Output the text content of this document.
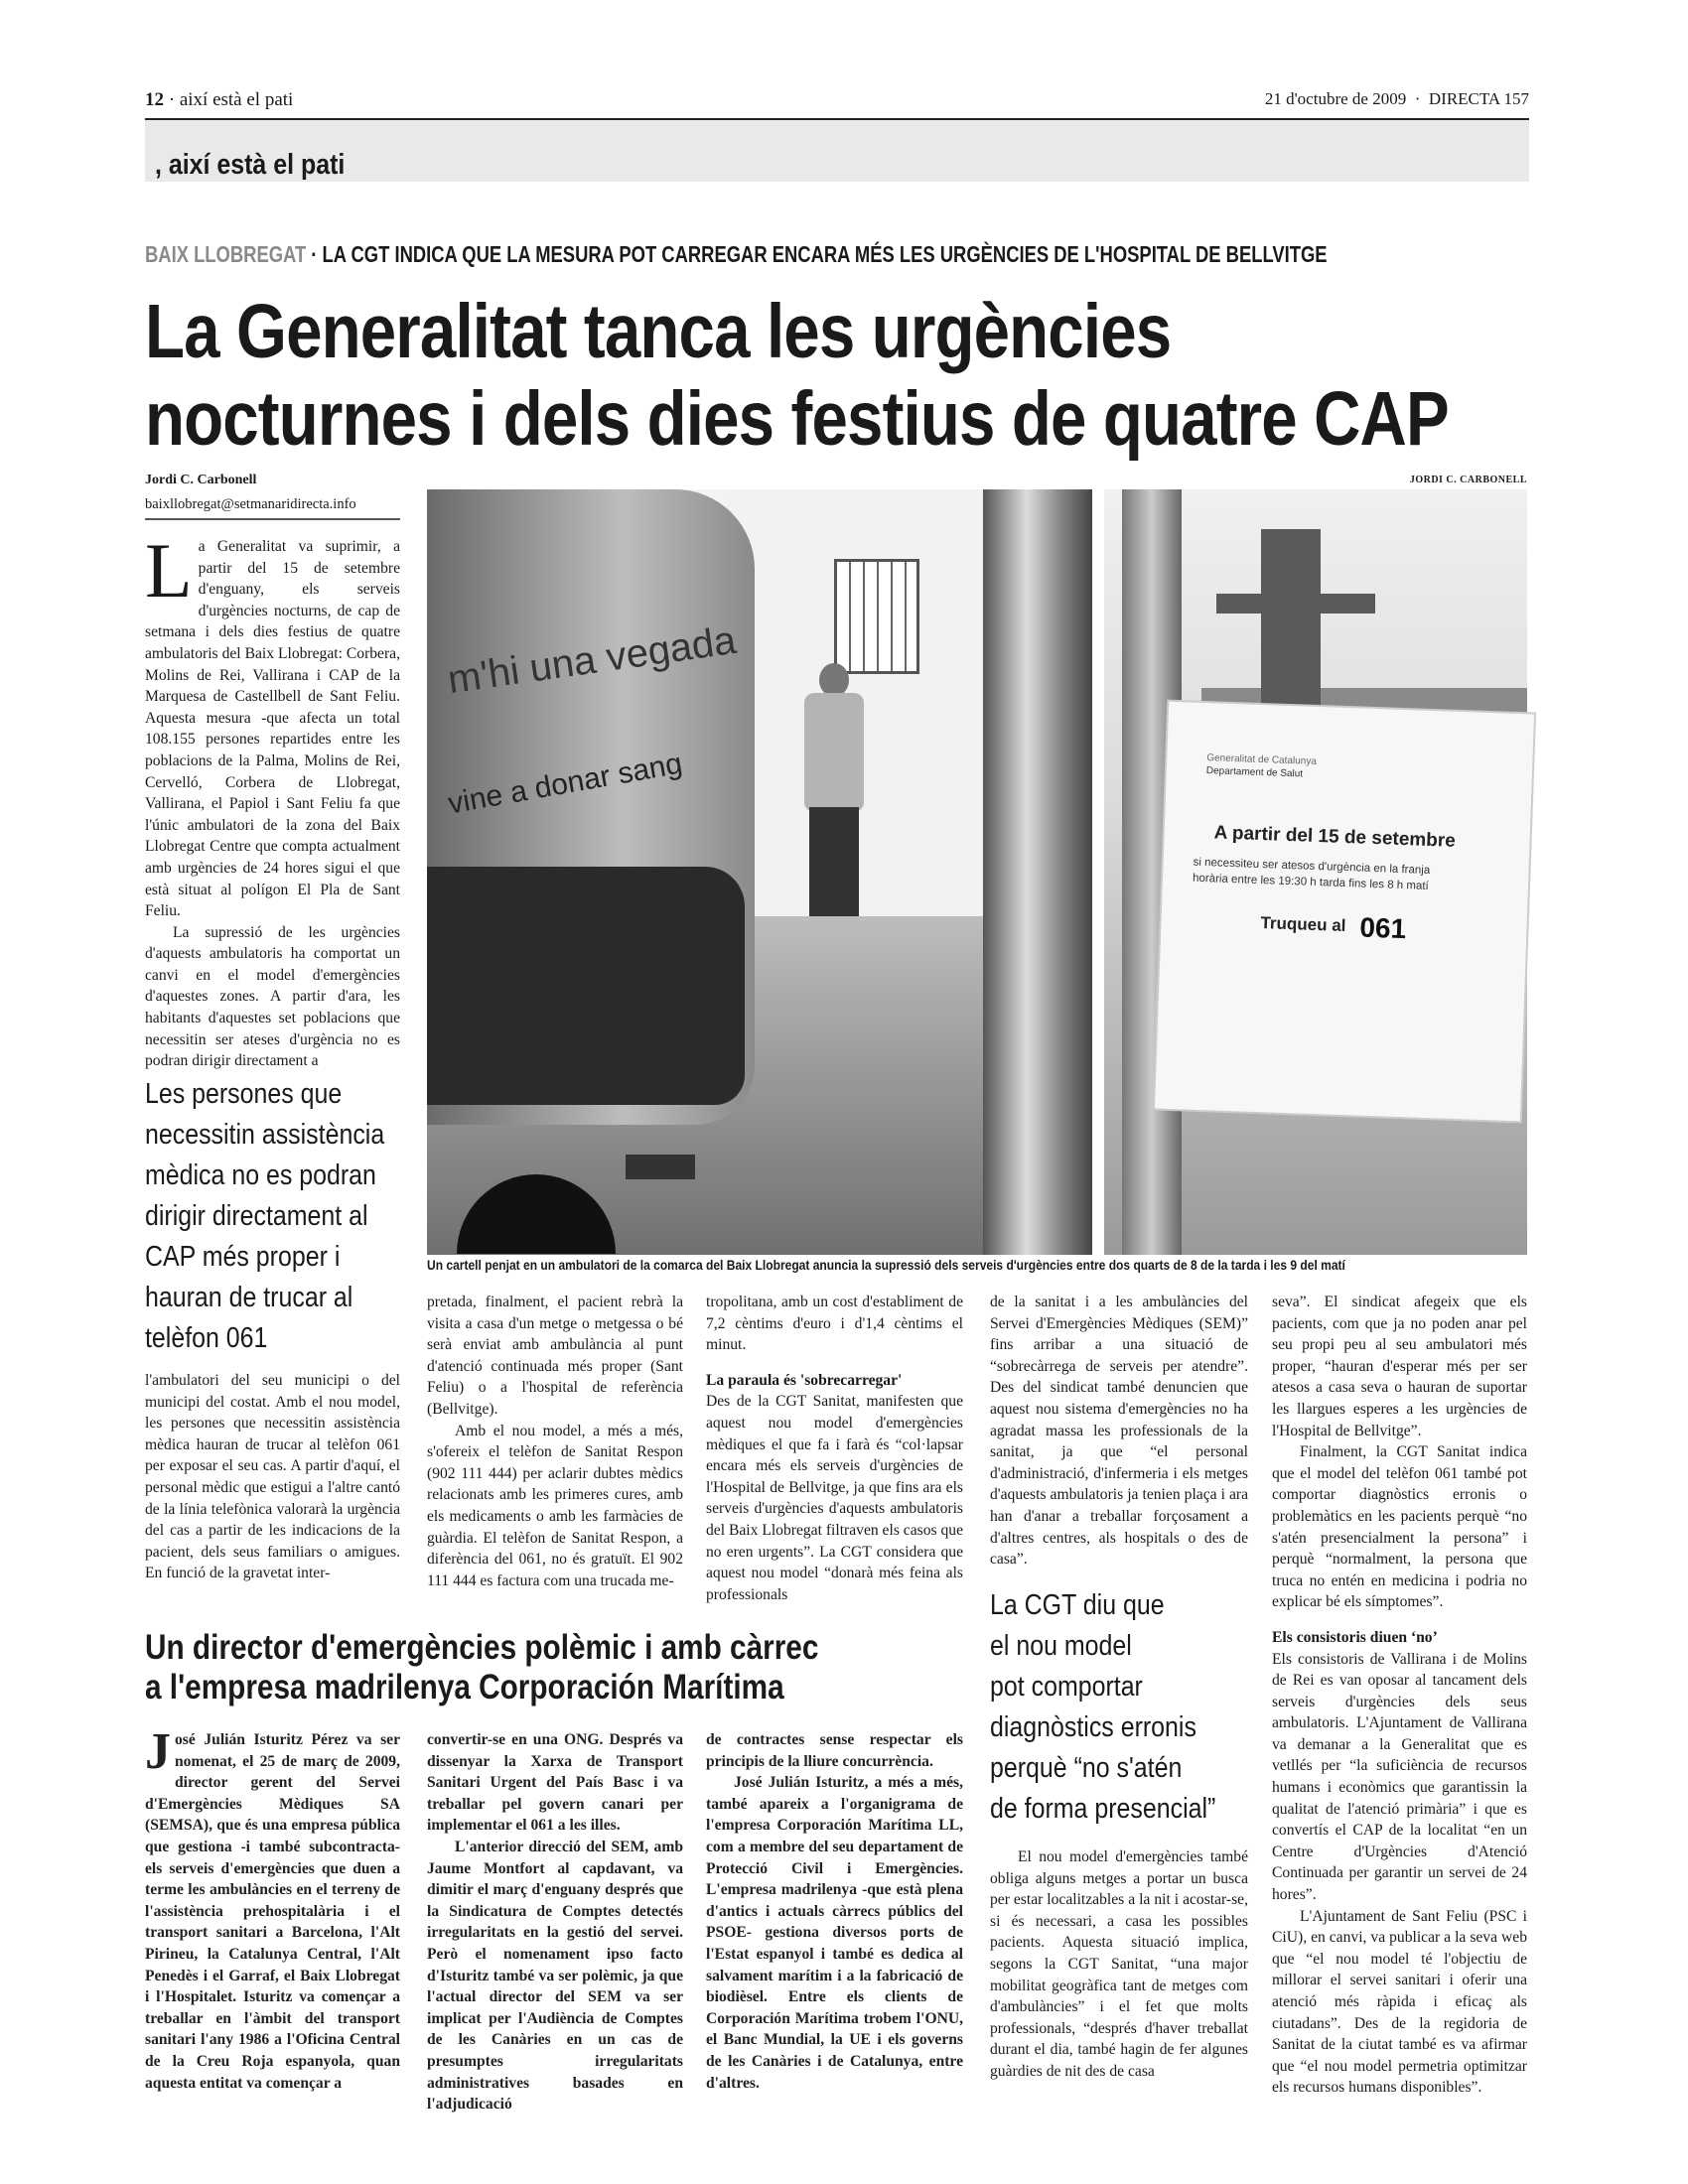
12 · així està el pati	21 d'octubre de 2009 · DIRECTA 157
, així està el pati
BAIX LLOBREGAT · LA CGT INDICA QUE LA MESURA POT CARREGAR ENCARA MÉS LES URGÈNCIES DE L'HOSPITAL DE BELLVITGE
La Generalitat tanca les urgències
nocturnes i dels dies festius de quatre CAP
Jordi C. Carbonell
baixllobregat@setmanaridirecta.info
L a Generalitat va suprimir, a partir del 15 de setembre d'enguany, els serveis d'urgències nocturns, de cap de setmana i dels dies festius de quatre ambulatoris del Baix Llobregat: Corbera, Molins de Rei, Vallirana i CAP de la Marquesa de Castellbell de Sant Feliu. Aquesta mesura -que afecta un total 108.155 persones repartides entre les poblacions de la Palma, Molins de Rei, Cervelló, Corbera de Llobregat, Vallirana, el Papiol i Sant Feliu fa que l'únic ambulatori de la zona del Baix Llobregat Centre que compta actualment amb urgències de 24 hores sigui el que està situat al polígon El Pla de Sant Feliu.

La supressió de les urgències d'aquests ambulatoris ha comportat un canvi en el model d'emergències d'aquestes zones. A partir d'ara, les habitants d'aquestes set poblacions que necessitin ser ateses d'urgència no es podran dirigir directament a

Les persones que
necessitin assistència
mèdica no es podran
dirigir directament al
CAP més proper i
hauran de trucar al
telèfon 061

l'ambulatori del seu municipi o del municipi del costat. Amb el nou model, les persones que necessitin assistència mèdica hauran de trucar al telèfon 061 per exposar el seu cas. A partir d'aquí, el personal mèdic que estigui a l'altre cantó de la línia telefònica valorarà la urgència del cas a partir de les indicacions de la pacient, dels seus familiars o amigues. En funció de la gravetat inter-

JORDI C. CARBONELL
m'hi una vegada
vine a donar sang	Generalitat de Catalunya
Departament de Salut
A partir del 15 de setembre
si necessiteu ser atesos d'urgència en la franja
horària entre les 19:30 h tarda fins les 8 h matí
Truqueu al 061
Un cartell penjat en un ambulatori de la comarca del Baix Llobregat anuncia la supressió dels serveis d'urgències entre dos quarts de 8 de la tarda i les 9 del matí

pretada, finalment, el pacient rebrà la visita a casa d'un metge o metgessa o bé serà enviat amb ambulància al punt d'atenció continuada més proper (Sant Feliu) o a l'hospital de referència (Bellvitge).

Amb el nou model, a més a més, s'ofereix el telèfon de Sanitat Respon (902 111 444) per aclarir dubtes mèdics relacionats amb les primeres cures, amb els medicaments o amb les farmàcies de guàrdia. El telèfon de Sanitat Respon, a diferència del 061, no és gratuït. El 902 111 444 es factura com una trucada me-

tropolitana, amb un cost d'establiment de 7,2 cèntims d'euro i d'1,4 cèntims el minut.

La paraula és 'sobrecarregar'

Des de la CGT Sanitat, manifesten que aquest nou model d'emergències mèdiques el que fa i farà és “col·lapsar encara més els serveis d'urgències de l'Hospital de Bellvitge, ja que fins ara els serveis d'urgències d'aquests ambulatoris del Baix Llobregat filtraven els casos que no eren urgents”. La CGT considera que aquest nou model “donarà més feina als professionals

de la sanitat i a les ambulàncies del Servei d'Emergències Mèdiques (SEM)” fins arribar a una situació de “sobrecàrrega de serveis per atendre”. Des del sindicat també denuncien que aquest nou sistema d'emergències no ha agradat massa les professionals de la sanitat, ja que “el personal d'administració, d'infermeria i els metges d'aquests ambulatoris ja tenien plaça i ara han d'anar a treballar forçosament a d'altres centres, als hospitals o des de casa”.

La CGT diu que
el nou model
pot comportar
diagnòstics erronis
perquè “no s'atén
de forma presencial”

El nou model d'emergències també obliga alguns metges a portar un busca per estar localitzables a la nit i acostar-se, si és necessari, a casa les possibles pacients. Aquesta situació implica, segons la CGT Sanitat, “una major mobilitat geogràfica tant de metges com d'ambulàncies” i el fet que molts professionals, “després d'haver treballat durant el dia, també hagin de fer algunes guàrdies de nit des de casa

seva”. El sindicat afegeix que els pacients, com que ja no poden anar pel seu propi peu al seu ambulatori més proper, “hauran d'esperar més per ser atesos a casa seva o hauran de suportar les llargues esperes a les urgències de l'Hospital de Bellvitge”.

Finalment, la CGT Sanitat indica que el model del telèfon 061 també pot comportar diagnòstics erronis o problemàtics en les pacients perquè “no s'atén presencialment la persona” i perquè “normalment, la persona que truca no entén en medicina i podria no explicar bé els símptomes”.

Els consistoris diuen ‘no’

Els consistoris de Vallirana i de Molins de Rei es van oposar al tancament dels serveis d'urgències dels seus ambulatoris. L'Ajuntament de Vallirana va demanar a la Generalitat que es vetllés per “la suficiència de recursos humans i econòmics que garantissin la qualitat de l'atenció primària” i que es convertís el CAP de la localitat “en un Centre d'Urgències d'Atenció Continuada per garantir un servei de 24 hores”.

L'Ajuntament de Sant Feliu (PSC i CiU), en canvi, va publicar a la seva web que “el nou model té l'objectiu de millorar el servei sanitari i oferir una atenció més ràpida i eficaç als ciutadans”. Des de la regidoria de Sanitat de la ciutat també es va afirmar que “el nou model permetria optimitzar els recursos humans disponibles”.

Un director d'emergències polèmic i amb càrrec
a l'empresa madrilenya Corporación Marítima
J osé Julián Isturitz Pérez va ser nomenat, el 25 de març de 2009, director gerent del Servei d'Emergències Mèdiques SA (SEMSA), que és una empresa pública que gestiona -i també subcontracta- els serveis d'emergències que duen a terme les ambulàncies en el terreny de l'assistència prehospitalària i el transport sanitari a Barcelona, l'Alt Pirineu, la Catalunya Central, l'Alt Penedès i el Garraf, el Baix Llobregat i l'Hospitalet. Isturitz va començar a treballar en l'àmbit del transport sanitari l'any 1986 a l'Oficina Central de la Creu Roja espanyola, quan aquesta entitat va començar a

convertir-se en una ONG. Després va dissenyar la Xarxa de Transport Sanitari Urgent del País Basc i va treballar pel govern canari per implementar el 061 a les illes.

L'anterior direcció del SEM, amb Jaume Montfort al capdavant, va dimitir el març d'enguany després que la Sindicatura de Comptes detectés irregularitats en la gestió del servei. Però el nomenament ipso facto d'Isturitz també va ser polèmic, ja que l'actual director del SEM va ser implicat per l'Audiència de Comptes de les Canàries en un cas de presumptes irregularitats administratives basades en l'adjudicació

de contractes sense respectar els principis de la lliure concurrència.

José Julián Isturitz, a més a més, també apareix a l'organigrama de l'empresa Corporación Marítima LL, com a membre del seu departament de Protecció Civil i Emergències. L'empresa madrilenya -que està plena d'antics i actuals càrrecs públics del PSOE- gestiona diversos ports de l'Estat espanyol i també es dedica al salvament marítim i a la fabricació de biodièsel. Entre els clients de Corporación Marítima trobem l'ONU, el Banc Mundial, la UE i els governs de les Canàries i de Catalunya, entre d'altres.
